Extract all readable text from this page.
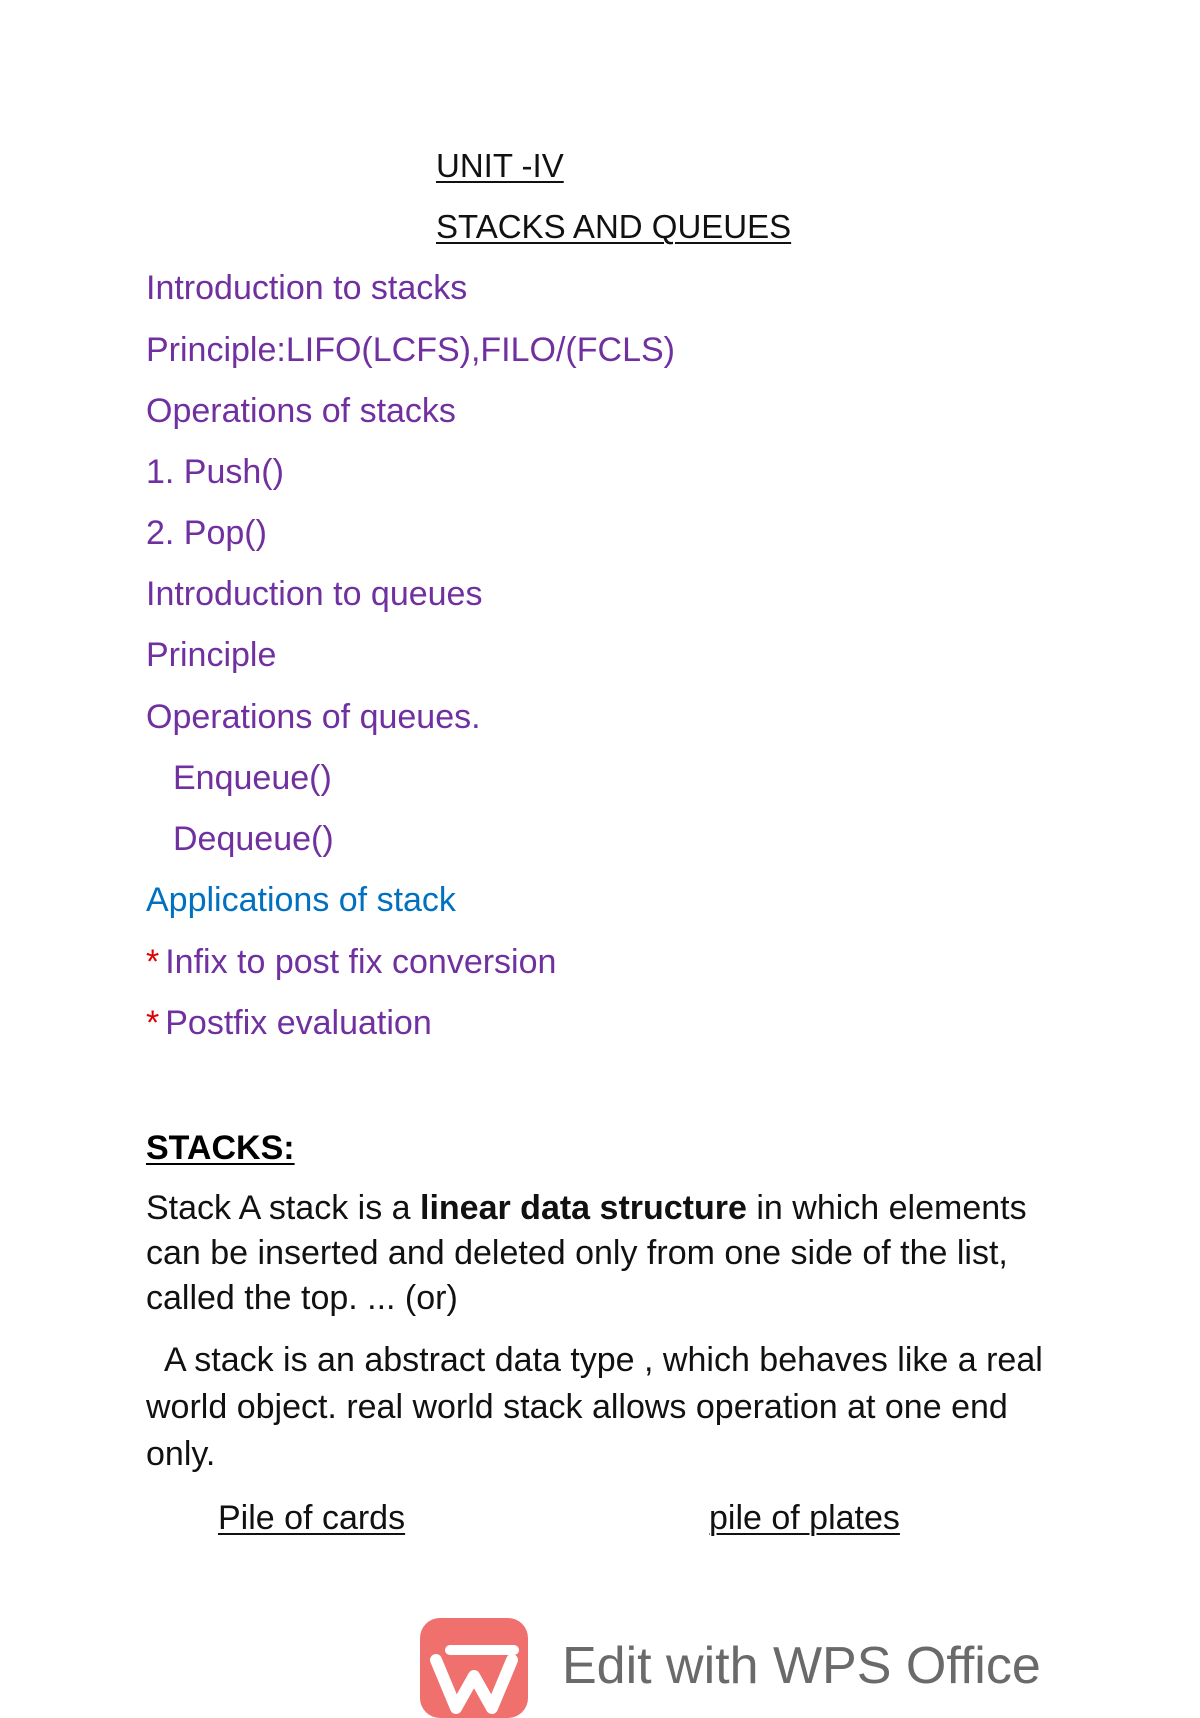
UNIT -IV
STACKS AND QUEUES
Introduction to stacks
Principle:LIFO(LCFS),FILO/(FCLS)
Operations of stacks
1. Push()
2. Pop()
Introduction to queues
Principle
Operations of queues.
Enqueue()
Dequeue()
Applications of stack
* Infix to post fix conversion
* Postfix evaluation
STACKS:
Stack A stack is a linear data structure in which elements can be inserted and deleted only from one side of the list, called the top. ... (or)
A stack is an abstract data type , which behaves like a real world object. real world stack allows operation at one end only.
Pile of cards	pile of plates
Edit with WPS Office
